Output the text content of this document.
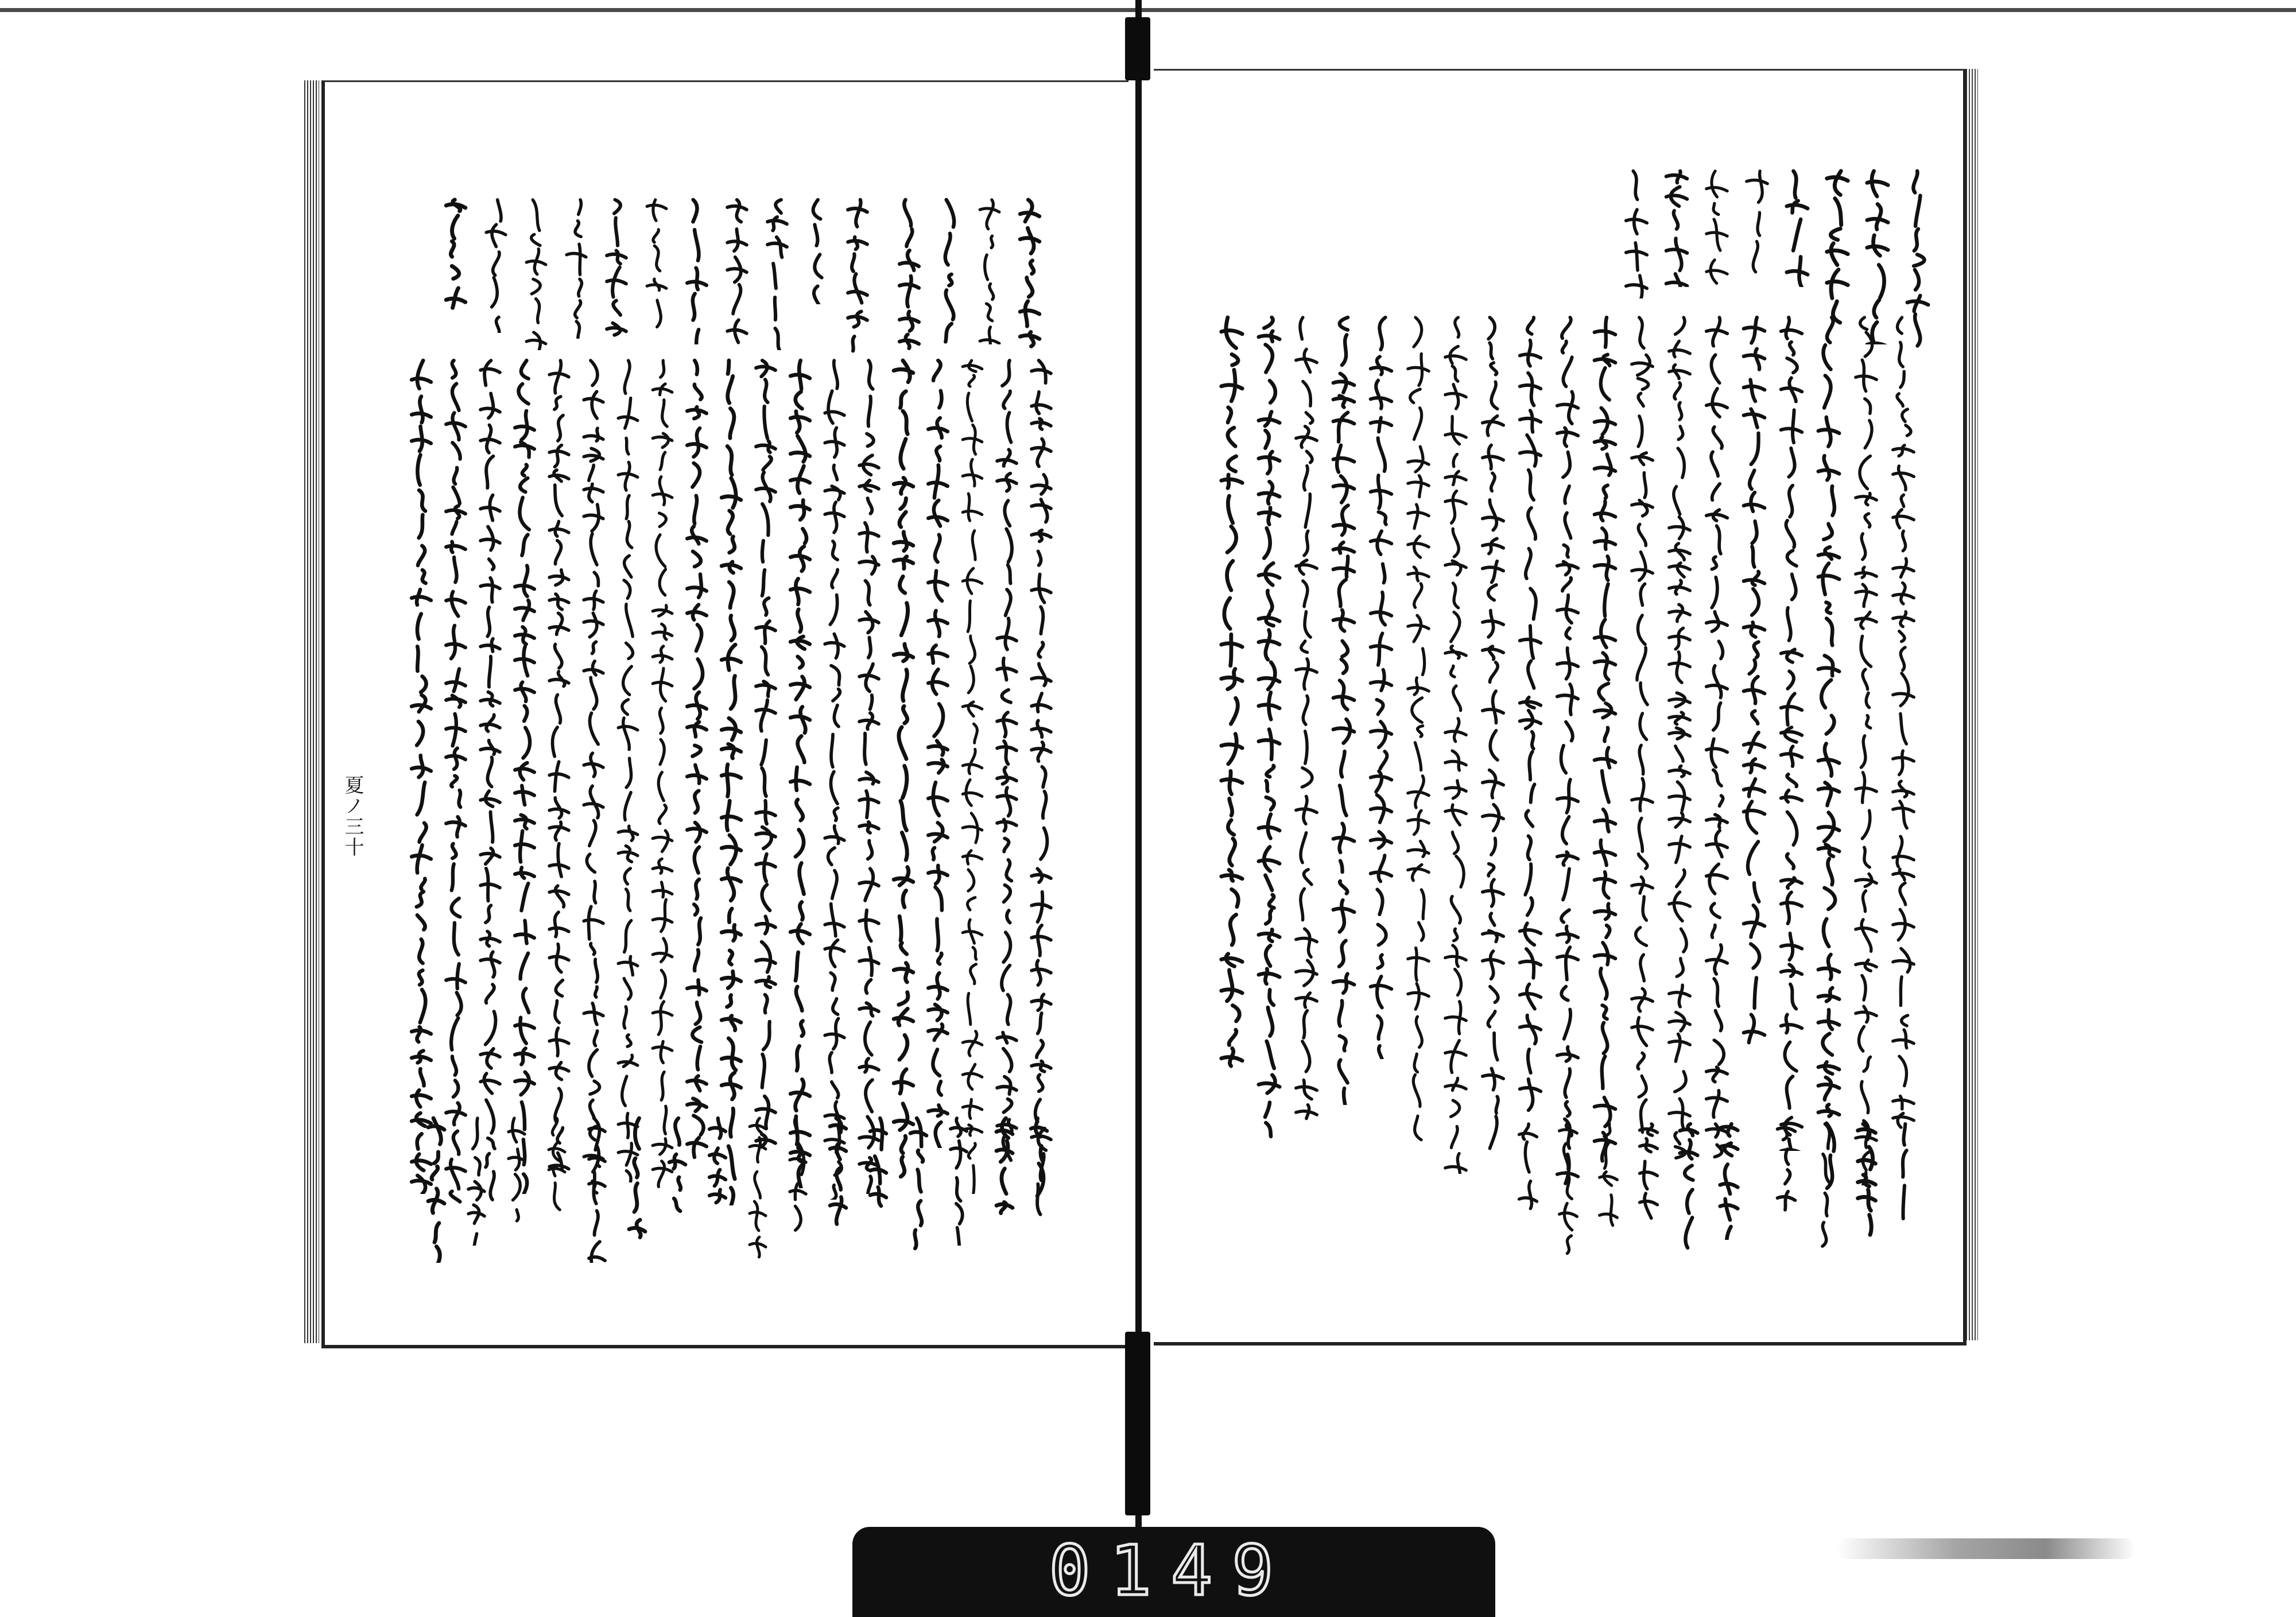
夏ノ三十
0149
